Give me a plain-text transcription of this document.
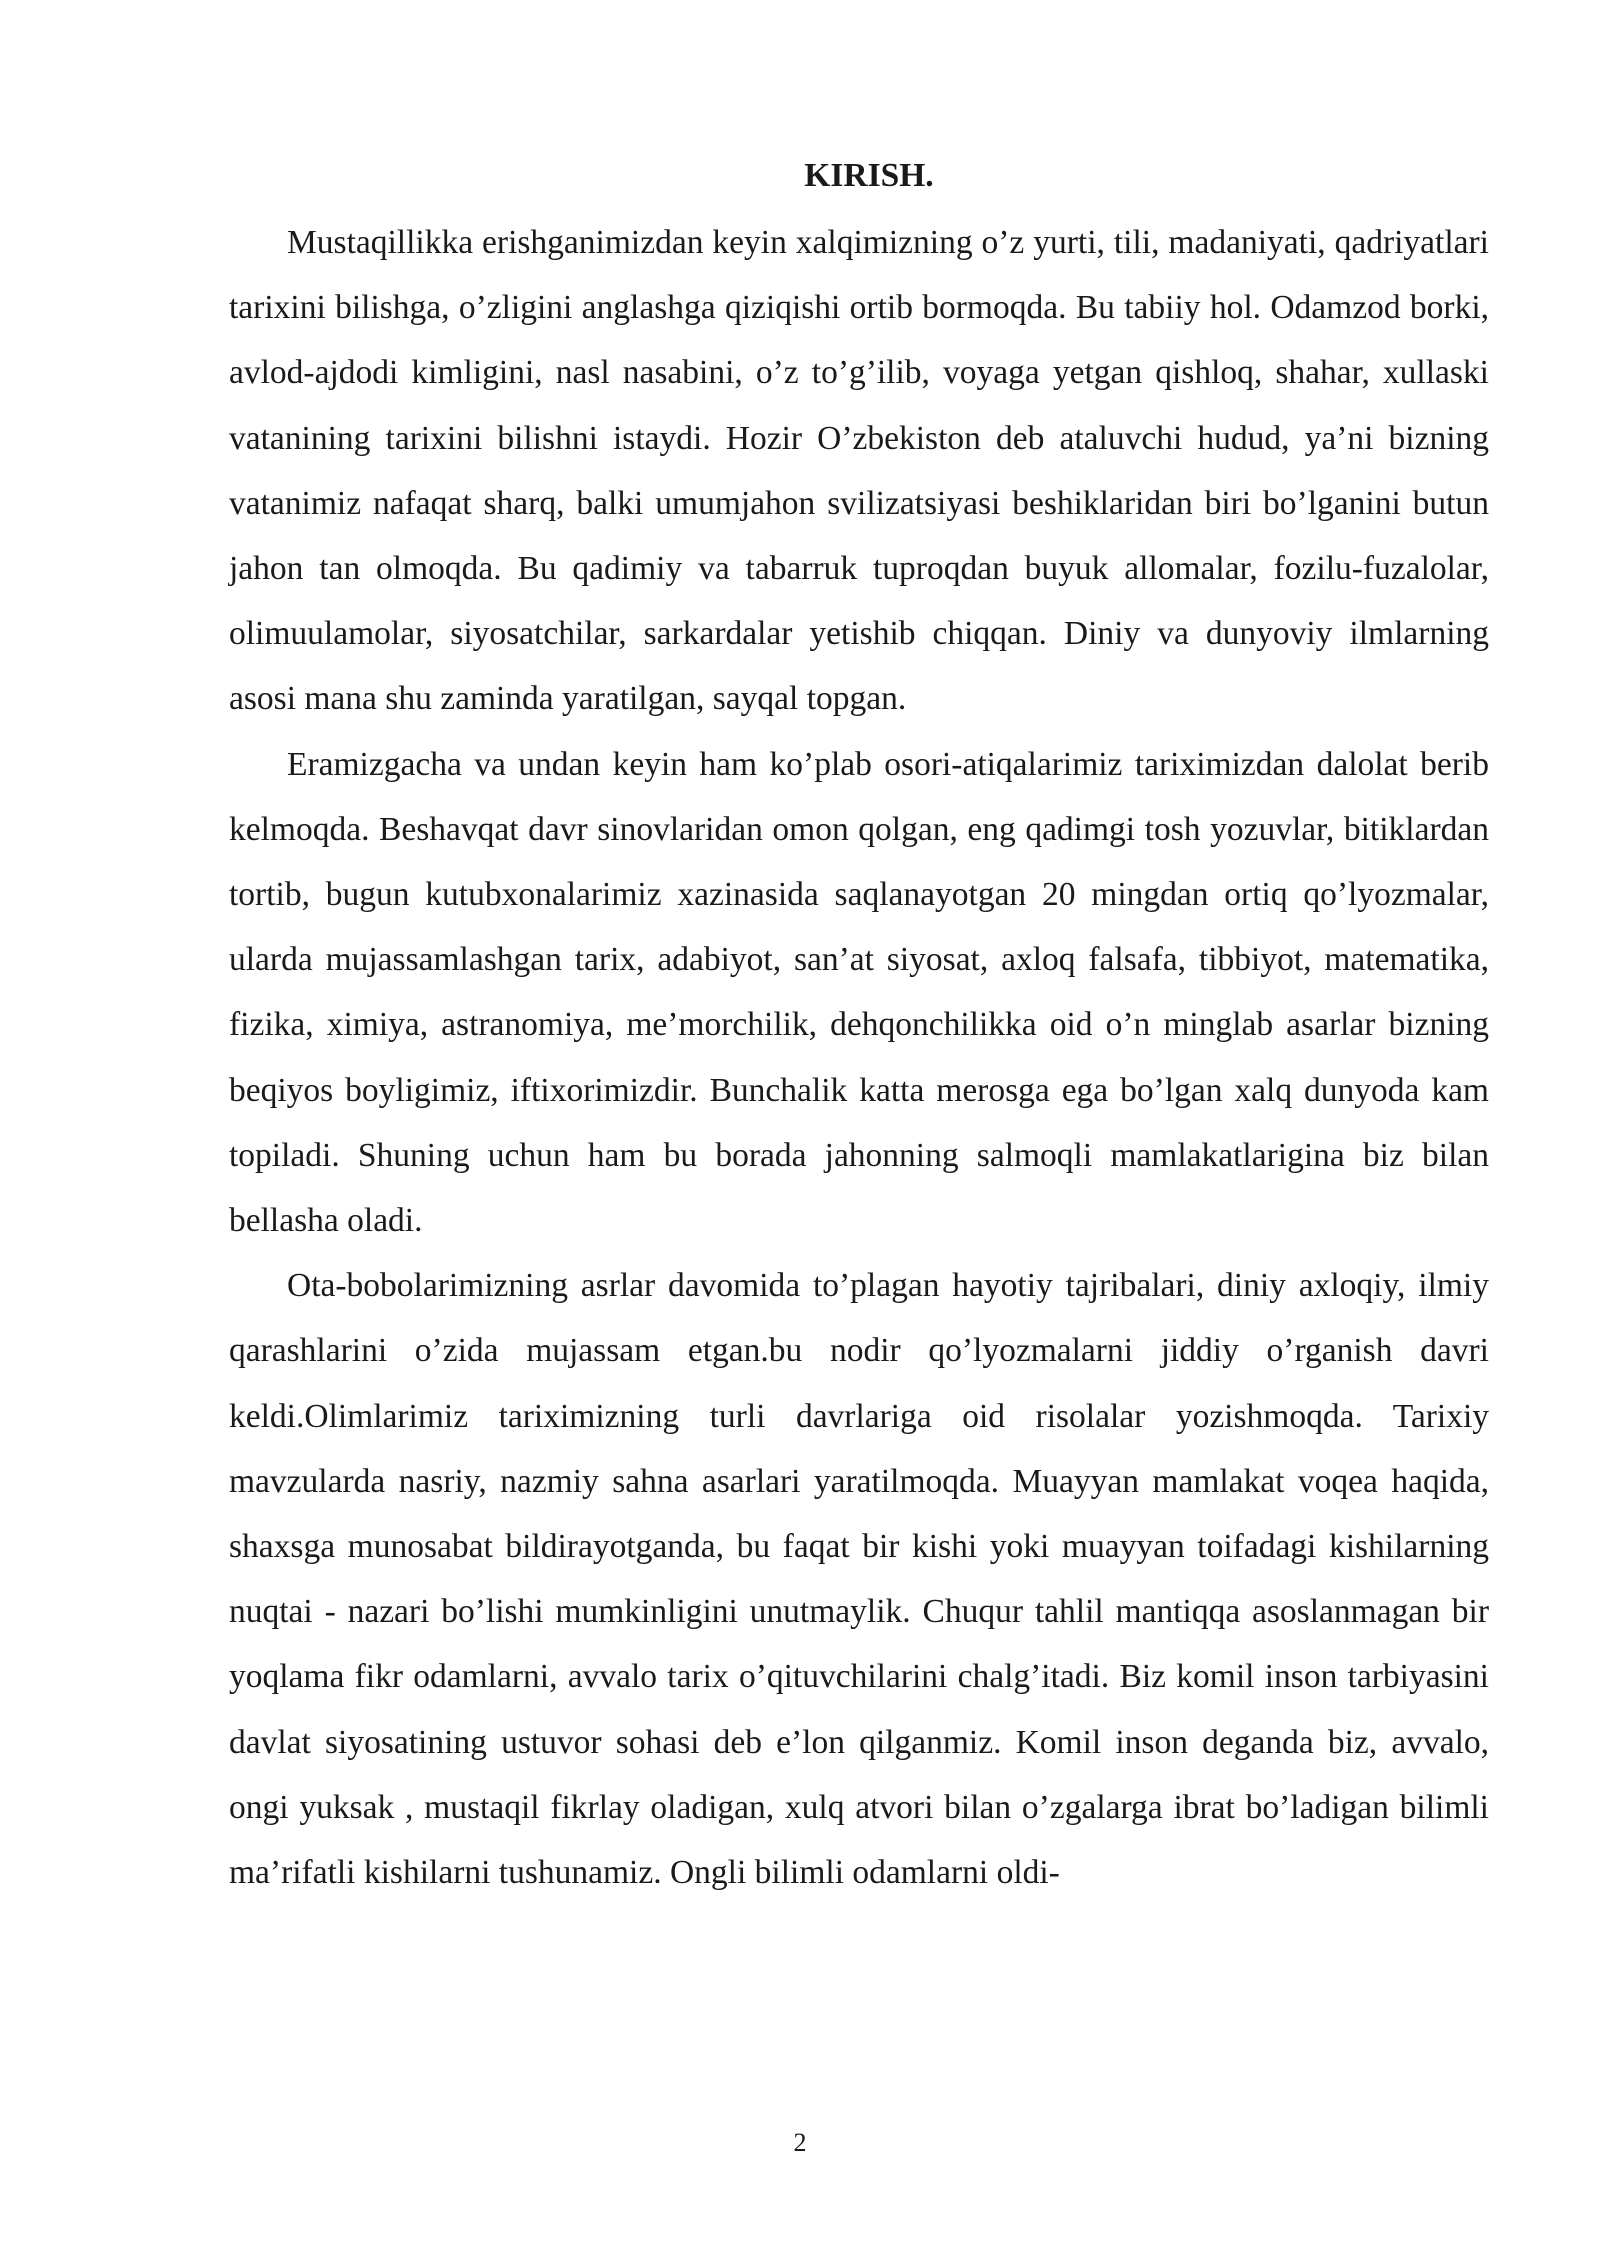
KIRISH.

Mustaqillikka erishganimizdan keyin xalqimizning o’z yurti, tili, madaniyati, qadriyatlari tarixini bilishga, o’zligini anglashga qiziqishi ortib bormoqda. Bu tabiiy hol. Odamzod borki, avlod-ajdodi kimligini, nasl nasabini, o’z to’g’ilib, voyaga yetgan qishloq, shahar, xullaski vatanining tarixini bilishni istaydi. Hozir O’zbekiston deb ataluvchi hudud, ya’ni bizning vatanimiz nafaqat sharq, balki umumjahon svilizatsiyasi beshiklaridan biri bo’lganini butun jahon tan olmoqda. Bu qadimiy va tabarruk tuproqdan buyuk allomalar, fozilu-fuzalolar, olimuulamolar, siyosatchilar, sarkardalar yetishib chiqqan. Diniy va dunyoviy ilmlarning asosi mana shu zaminda yaratilgan, sayqal topgan.

Eramizgacha va undan keyin ham ko’plab osori-atiqalarimiz tariximizdan dalolat berib kelmoqda. Beshavqat davr sinovlaridan omon qolgan, eng qadimgi tosh yozuvlar, bitiklardan tortib, bugun kutubxonalarimiz xazinasida saqlanayotgan 20 mingdan ortiq qo’lyozmalar, ularda mujassamlashgan tarix, adabiyot, san’at siyosat, axloq falsafa, tibbiyot, matematika, fizika, ximiya, astranomiya, me’morchilik, dehqonchilikka oid o’n minglab asarlar bizning beqiyos boyligimiz, iftixorimizdir. Bunchalik katta merosga ega bo’lgan xalq dunyoda kam topiladi. Shuning uchun ham bu borada jahonning salmoqli mamlakatlarigina biz bilan bellasha oladi.

Ota-bobolarimizning asrlar davomida to’plagan hayotiy tajribalari, diniy axloqiy, ilmiy qarashlarini o’zida mujassam etgan.bu nodir qo’lyozmalarni jiddiy o’rganish davri keldi.Olimlarimiz tariximizning turli davrlariga oid risolalar yozishmoqda. Tarixiy mavzularda nasriy, nazmiy sahna asarlari yaratilmoqda. Muayyan mamlakat voqea haqida, shaxsga munosabat bildirayotganda, bu faqat bir kishi yoki muayyan toifadagi kishilarning nuqtai - nazari bo’lishi mumkinligini unutmaylik. Chuqur tahlil mantiqqa asoslanmagan bir yoqlama fikr odamlarni, avvalo tarix o’qituvchilarini chalg’itadi. Biz komil inson tarbiyasini davlat siyosatining ustuvor sohasi deb e’lon qilganmiz. Komil inson deganda biz, avvalo, ongi yuksak , mustaqil fikrlay oladigan, xulq atvori bilan o’zgalarga ibrat bo’ladigan bilimli ma’rifatli kishilarni tushunamiz. Ongli bilimli odamlarni oldi-

2
